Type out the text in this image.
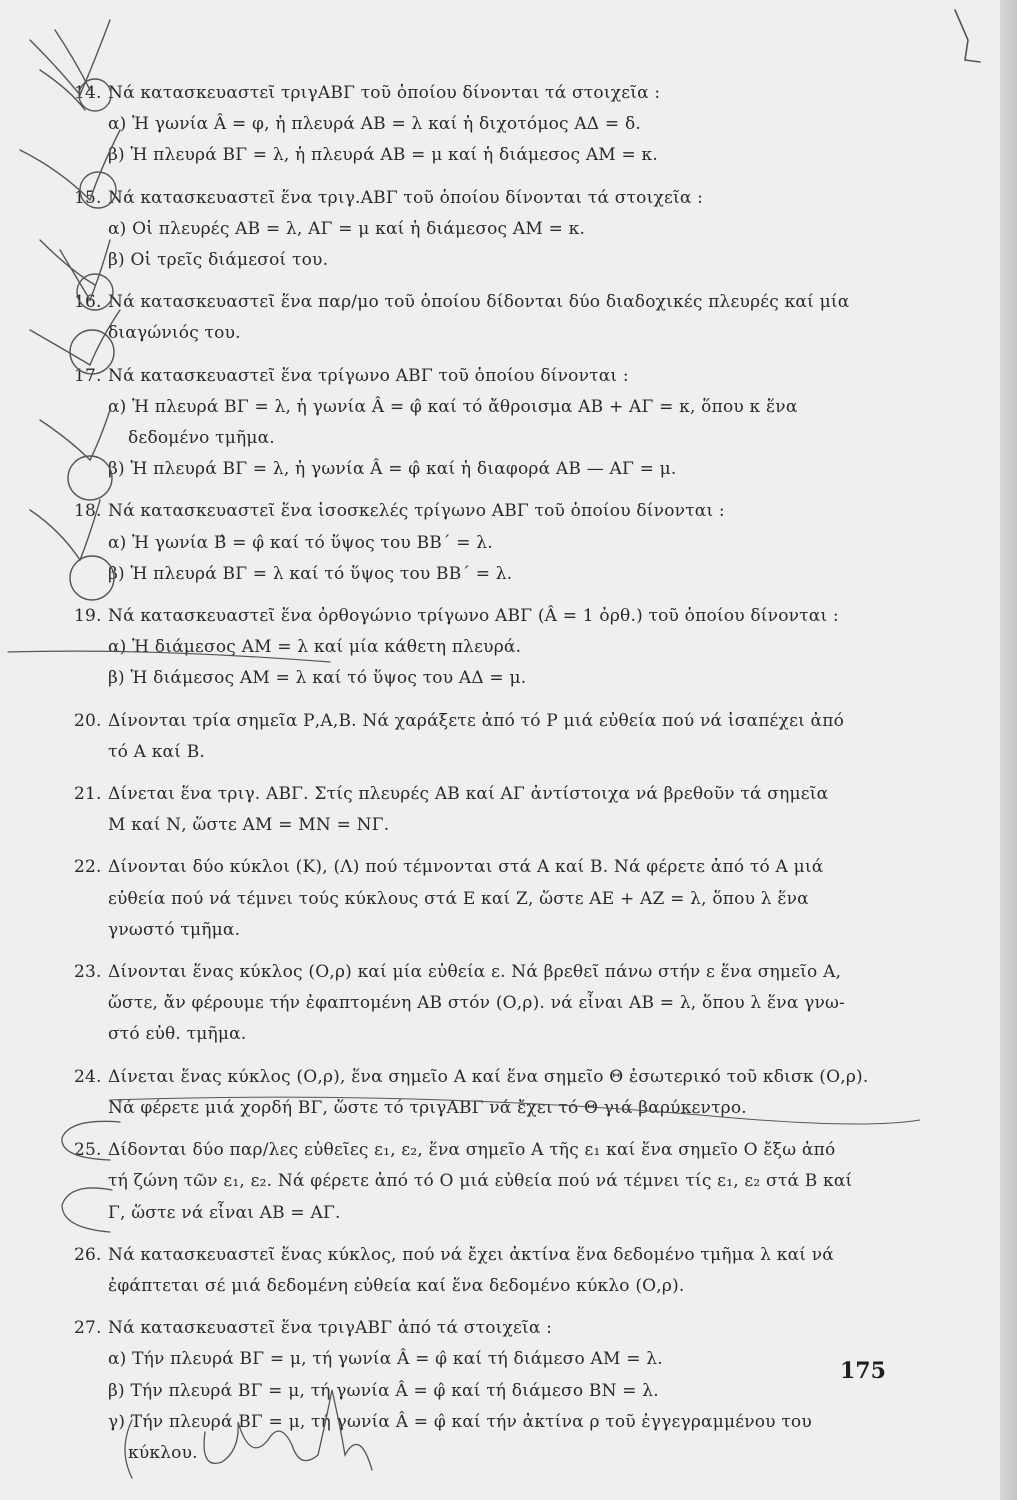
14. Νά κατασκευαστεῖ τριγΑΒΓ τοῦ ὁποίου δίνονται τά στοιχεῖα :
α) Ἡ γωνία Â = φ, ἡ πλευρά ΑΒ = λ καί ἡ διχοτόμος ΑΔ = δ.
β) Ἡ πλευρά ΒΓ = λ, ἡ πλευρά ΑΒ = μ καί ἡ διάμεσος ΑΜ = κ.
15. Νά κατασκευαστεῖ ἕνα τριγ.ΑΒΓ τοῦ ὁποίου δίνονται τά στοιχεῖα :
α) Οἱ πλευρές ΑΒ = λ, ΑΓ = μ καί ἡ διάμεσος ΑΜ = κ.
β) Οἱ τρεῖς διάμεσοί του.
16. Νά κατασκευαστεῖ ἕνα παρ/μο τοῦ ὁποίου δίδονται δύο διαδοχικές πλευρές καί μία
διαγώνιός του.
17. Νά κατασκευαστεῖ ἕνα τρίγωνο ΑΒΓ τοῦ ὁποίου δίνονται :
α) Ἡ πλευρά ΒΓ = λ, ἡ γωνία Â = φ̂ καί τό ἄθροισμα ΑΒ + ΑΓ = κ, ὅπου κ ἕνα
δεδομένο τμῆμα.
β) Ἡ πλευρά ΒΓ = λ, ἡ γωνία Â = φ̂ καί ἡ διαφορά ΑΒ — ΑΓ = μ.
18. Νά κατασκευαστεῖ ἕνα ἰσοσκελές τρίγωνο ΑΒΓ τοῦ ὁποίου δίνονται :
α) Ἡ γωνία Β̂ = φ̂ καί τό ὕψος του ΒΒ΄ = λ.
β) Ἡ πλευρά ΒΓ = λ καί τό ὕψος του ΒΒ΄ = λ.
19. Νά κατασκευαστεῖ ἕνα ὀρθογώνιο τρίγωνο ΑΒΓ (Â = 1 ὀρθ.) τοῦ ὁποίου δίνονται :
α) Ἡ διάμεσος ΑΜ = λ καί μία κάθετη πλευρά.
β) Ἡ διάμεσος ΑΜ = λ καί τό ὕψος του ΑΔ = μ.
20. Δίνονται τρία σημεῖα Ρ,Α,Β. Νά χαράξετε ἀπό τό Ρ μιά εὐθεία πού νά ἰσαπέχει ἀπό
τό Α καί Β.
21. Δίνεται ἕνα τριγ. ΑΒΓ. Στίς πλευρές ΑΒ καί ΑΓ ἀντίστοιχα νά βρεθοῦν τά σημεῖα
Μ καί Ν, ὥστε ΑΜ = ΜΝ = ΝΓ.
22. Δίνονται δύο κύκλοι (Κ), (Λ) πού τέμνονται στά Α καί Β. Νά φέρετε ἀπό τό Α μιά
εὐθεία πού νά τέμνει τούς κύκλους στά Ε καί Ζ, ὥστε ΑΕ + ΑΖ = λ, ὅπου λ ἕνα
γνωστό τμῆμα.
23. Δίνονται ἕνας κύκλος (Ο,ρ) καί μία εὐθεία ε. Νά βρεθεῖ πάνω στήν ε ἕνα σημεῖο Α,
ὥστε, ἄν φέρουμε τήν ἐφαπτομένη ΑΒ στόν (Ο,ρ). νά εἶναι ΑΒ = λ, ὅπου λ ἕνα γνω-
στό εὐθ. τμῆμα.
24. Δίνεται ἕνας κύκλος (Ο,ρ), ἕνα σημεῖο Α καί ἕνα σημεῖο Θ ἐσωτερικό τοῦ κδισκ (Ο,ρ).
Νά φέρετε μιά χορδή ΒΓ, ὥστε τό τριγΑΒΓ νά ἔχει τό Θ γιά βαρύκεντρο.
25. Δίδονται δύο παρ/λες εὐθεῖες ε₁, ε₂, ἕνα σημεῖο Α τῆς ε₁ καί ἕνα σημεῖο Ο ἔξω ἀπό
τή ζώνη τῶν ε₁, ε₂. Νά φέρετε ἀπό τό Ο μιά εὐθεία πού νά τέμνει τίς ε₁, ε₂ στά Β καί
Γ, ὥστε νά εἶναι ΑΒ = ΑΓ.
26. Νά κατασκευαστεῖ ἕνας κύκλος, πού νά ἔχει ἀκτίνα ἕνα δεδομένο τμῆμα λ καί νά
ἐφάπτεται σέ μιά δεδομένη εὐθεία καί ἕνα δεδομένο κύκλο (Ο,ρ).
27. Νά κατασκευαστεῖ ἕνα τριγΑΒΓ ἀπό τά στοιχεῖα :
α) Τήν πλευρά ΒΓ = μ, τή γωνία Â = φ̂ καί τή διάμεσο ΑΜ = λ.
β) Τήν πλευρά ΒΓ = μ, τή γωνία Â = φ̂ καί τή διάμεσο ΒΝ = λ.
γ) Τήν πλευρά ΒΓ = μ, τή γωνία Â = φ̂ καί τήν ἀκτίνα ρ τοῦ ἐγγεγραμμένου του
κύκλου.
175
